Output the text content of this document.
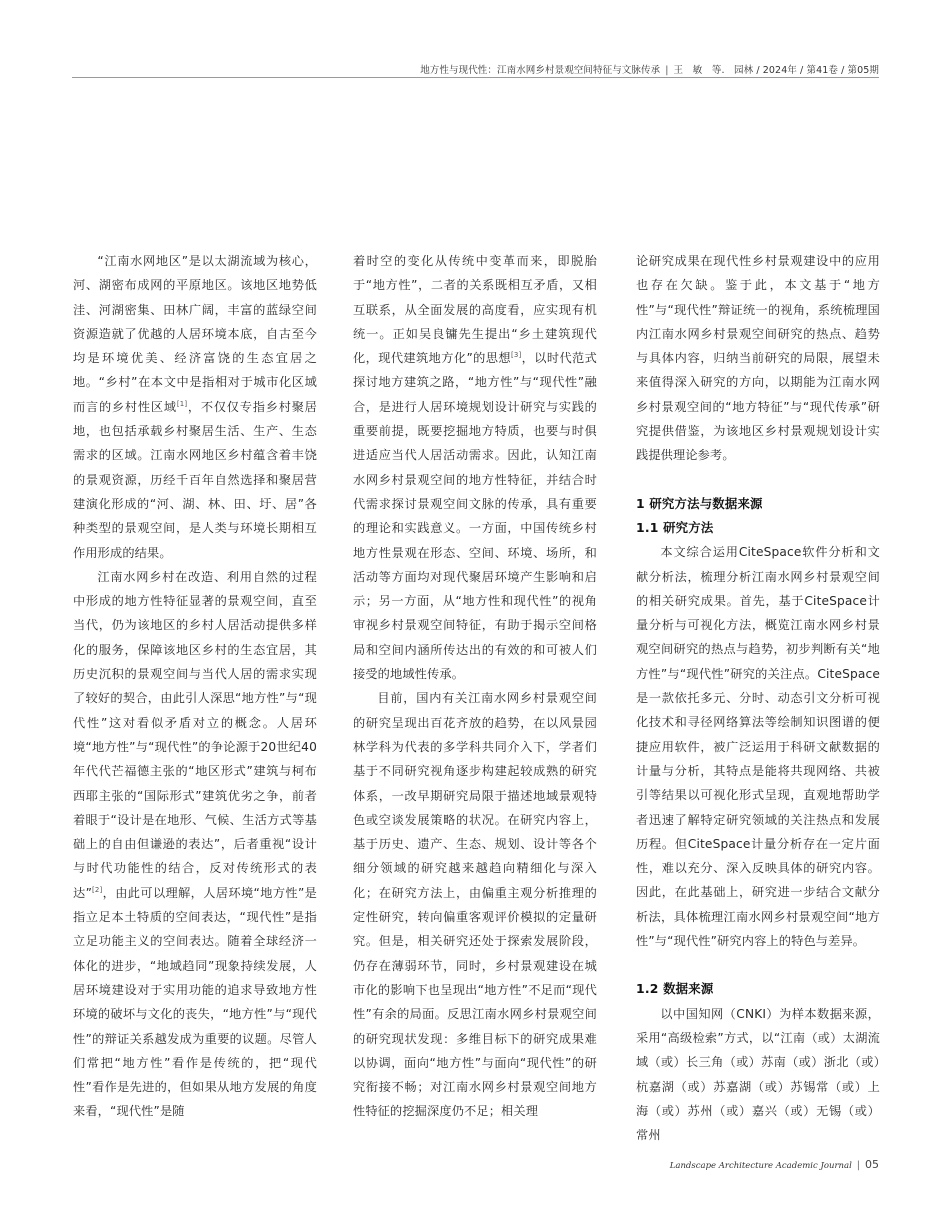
地方性与现代性：江南水网乡村景观空间特征与文脉传承 | 王　敏　等. 园林 / 2024年 / 第41卷 / 第05期

“江南水网地区”是以太湖流域为核心，河、湖密布成网的平原地区。该地区地势低洼、河湖密集、田林广阔，丰富的蓝绿空间资源造就了优越的人居环境本底，自古至今均是环境优美、经济富饶的生态宜居之地。“乡村”在本文中是指相对于城市化区域而言的乡村性区域[1]，不仅仅专指乡村聚居地，也包括承载乡村聚居生活、生产、生态需求的区域。江南水网地区乡村蕴含着丰饶的景观资源，历经千百年自然选择和聚居营建演化形成的“河、湖、林、田、圩、居”各种类型的景观空间，是人类与环境长期相互作用形成的结果。

江南水网乡村在改造、利用自然的过程中形成的地方性特征显著的景观空间，直至当代，仍为该地区的乡村人居活动提供多样化的服务，保障该地区乡村的生态宜居，其历史沉积的景观空间与当代人居的需求实现了较好的契合，由此引人深思“地方性”与“现代性”这对看似矛盾对立的概念。人居环境“地方性”与“现代性”的争论源于20世纪40年代代芒福德主张的“地区形式”建筑与柯布西耶主张的“国际形式”建筑优劣之争，前者着眼于“设计是在地形、气候、生活方式等基础上的自由但谦逊的表达”，后者重视“设计与时代功能性的结合，反对传统形式的表达”[2]，由此可以理解，人居环境“地方性”是指立足本土特质的空间表达，“现代性”是指立足功能主义的空间表达。随着全球经济一体化的进步，“地域趋同”现象持续发展，人居环境建设对于实用功能的追求导致地方性环境的破坏与文化的丧失，“地方性”与“现代性”的辩证关系越发成为重要的议题。尽管人们常把“地方性”看作是传统的，把“现代性”看作是先进的，但如果从地方发展的角度来看，“现代性”是随

着时空的变化从传统中变革而来，即脱胎于“地方性”，二者的关系既相互矛盾，又相互联系，从全面发展的高度看，应实现有机统一。正如吴良镛先生提出“乡土建筑现代化，现代建筑地方化”的思想[3]，以时代范式探讨地方建筑之路，“地方性”与“现代性”融合，是进行人居环境规划设计研究与实践的重要前提，既要挖掘地方特质，也要与时俱进适应当代人居活动需求。因此，认知江南水网乡村景观空间的地方性特征，并结合时代需求探讨景观空间文脉的传承，具有重要的理论和实践意义。一方面，中国传统乡村地方性景观在形态、空间、环境、场所，和活动等方面均对现代聚居环境产生影响和启示；另一方面，从“地方性和现代性”的视角审视乡村景观空间特征，有助于揭示空间格局和空间内涵所传达出的有效的和可被人们接受的地域性传承。

目前，国内有关江南水网乡村景观空间的研究呈现出百花齐放的趋势，在以风景园林学科为代表的多学科共同介入下，学者们基于不同研究视角逐步构建起较成熟的研究体系，一改早期研究局限于描述地域景观特色或空谈发展策略的状况。在研究内容上，基于历史、遗产、生态、规划、设计等各个细分领域的研究越来越趋向精细化与深入化；在研究方法上，由偏重主观分析推理的定性研究，转向偏重客观评价模拟的定量研究。但是，相关研究还处于探索发展阶段，仍存在薄弱环节，同时，乡村景观建设在城市化的影响下也呈现出“地方性”不足而“现代性”有余的局面。反思江南水网乡村景观空间的研究现状发现：多维目标下的研究成果难以协调，面向“地方性”与面向“现代性”的研究衔接不畅；对江南水网乡村景观空间地方性特征的挖掘深度仍不足；相关理

论研究成果在现代性乡村景观建设中的应用也存在欠缺。鉴于此，本文基于“地方性”与“现代性”辩证统一的视角，系统梳理国内江南水网乡村景观空间研究的热点、趋势与具体内容，归纳当前研究的局限，展望未来值得深入研究的方向，以期能为江南水网乡村景观空间的“地方特征”与“现代传承”研究提供借鉴，为该地区乡村景观规划设计实践提供理论参考。

1 研究方法与数据来源
1.1 研究方法

本文综合运用CiteSpace软件分析和文献分析法，梳理分析江南水网乡村景观空间的相关研究成果。首先，基于CiteSpace计量分析与可视化方法，概览江南水网乡村景观空间研究的热点与趋势，初步判断有关“地方性”与“现代性”研究的关注点。CiteSpace是一款依托多元、分时、动态引文分析可视化技术和寻径网络算法等绘制知识图谱的便捷应用软件，被广泛运用于科研文献数据的计量与分析，其特点是能将共现网络、共被引等结果以可视化形式呈现，直观地帮助学者迅速了解特定研究领域的关注热点和发展历程。但CiteSpace计量分析存在一定片面性，难以充分、深入反映具体的研究内容。因此，在此基础上，研究进一步结合文献分析法，具体梳理江南水网乡村景观空间“地方性”与“现代性”研究内容上的特色与差异。

1.2 数据来源

以中国知网（CNKI）为样本数据来源，采用“高级检索”方式，以“江南（或）太湖流域（或）长三角（或）苏南（或）浙北（或）杭嘉湖（或）苏嘉湖（或）苏锡常（或）上海（或）苏州（或）嘉兴（或）无锡（或）常州

Landscape Architecture Academic Journal | 05
